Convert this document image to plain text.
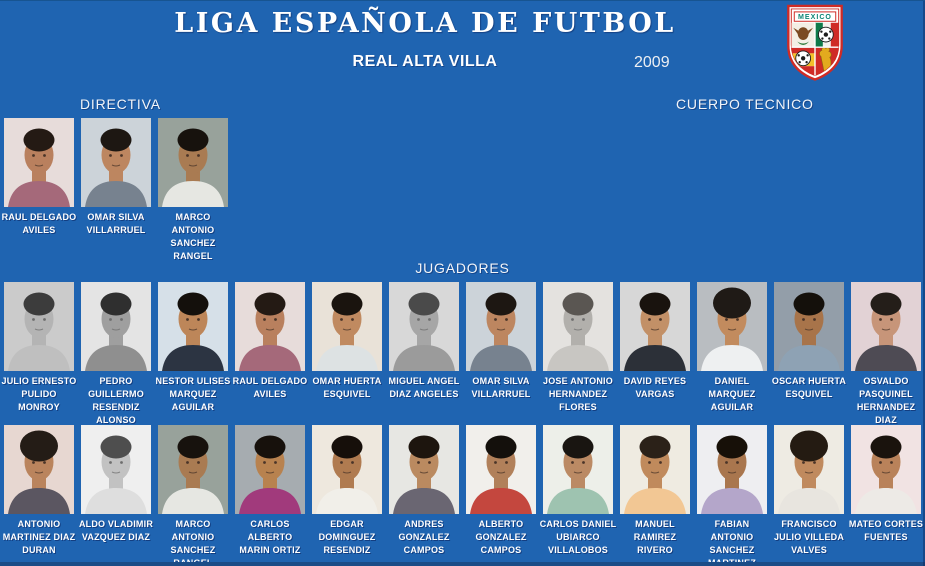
LIGA ESPAÑOLA DE FUTBOL
REAL ALTA VILLA	2009
MEXICO
DIRECTIVA	CUERPO TECNICO
RAUL DELGADO
AVILES
OMAR SILVA
VILLARRUEL
MARCO
ANTONIO
SANCHEZ
RANGEL
JUGADORES
JULIO ERNESTO
PULIDO
MONROY
PEDRO
GUILLERMO
RESENDIZ
ALONSO
NESTOR ULISES
MARQUEZ
AGUILAR
RAUL DELGADO
AVILES
OMAR HUERTA
ESQUIVEL
MIGUEL ANGEL
DIAZ ANGELES
OMAR SILVA
VILLARRUEL
JOSE ANTONIO
HERNANDEZ
FLORES
DAVID REYES
VARGAS
DANIEL
MARQUEZ
AGUILAR
OSCAR HUERTA
ESQUIVEL
OSVALDO
PASQUINEL
HERNANDEZ
DIAZ
ANTONIO
MARTINEZ DIAZ
DURAN
ALDO VLADIMIR
VAZQUEZ DIAZ
MARCO
ANTONIO
SANCHEZ
CARLOS
ALBERTO
MARIN ORTIZ
EDGAR
DOMINGUEZ
RESENDIZ
ANDRES
GONZALEZ
CAMPOS
ALBERTO
GONZALEZ
CAMPOS
CARLOS DANIEL
UBIARCO
VILLALOBOS
MANUEL
RAMIREZ
RIVERO
FABIAN
ANTONIO
SANCHEZ
FRANCISCO
JULIO VILLEDA
VALVES
MATEO CORTES
FUENTES
